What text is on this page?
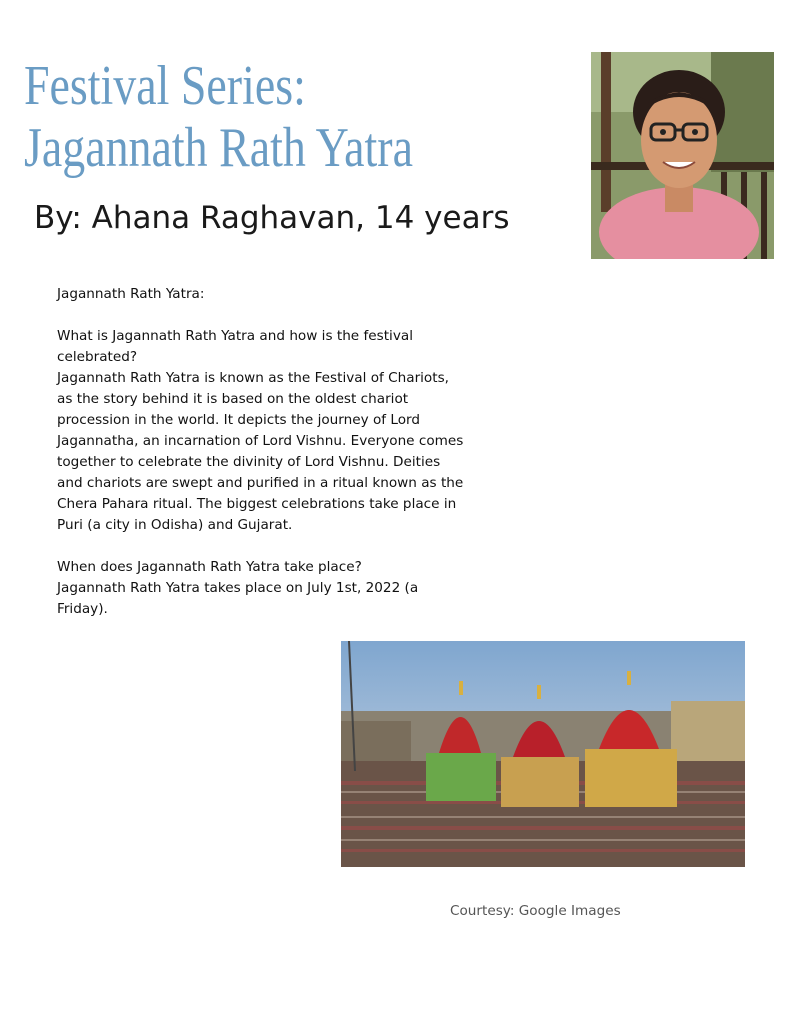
Festival Series: Jagannath Rath Yatra

By: Ahana Raghavan, 14 years

Jagannath Rath Yatra:

What is Jagannath Rath Yatra and how is the festival celebrated?

Jagannath Rath Yatra is known as the Festival of Chariots, as the story behind it is based on the oldest chariot procession in the world. It depicts the journey of Lord Jagannatha, an incarnation of Lord Vishnu. Everyone comes together to celebrate the divinity of Lord Vishnu. Deities and chariots are swept and purified in a ritual known as the Chera Pahara ritual. The biggest celebrations take place in Puri (a city in Odisha) and Gujarat.

When does Jagannath Rath Yatra take place?

Jagannath Rath Yatra takes place on July 1st, 2022 (a Friday).

Courtesy: Google Images
